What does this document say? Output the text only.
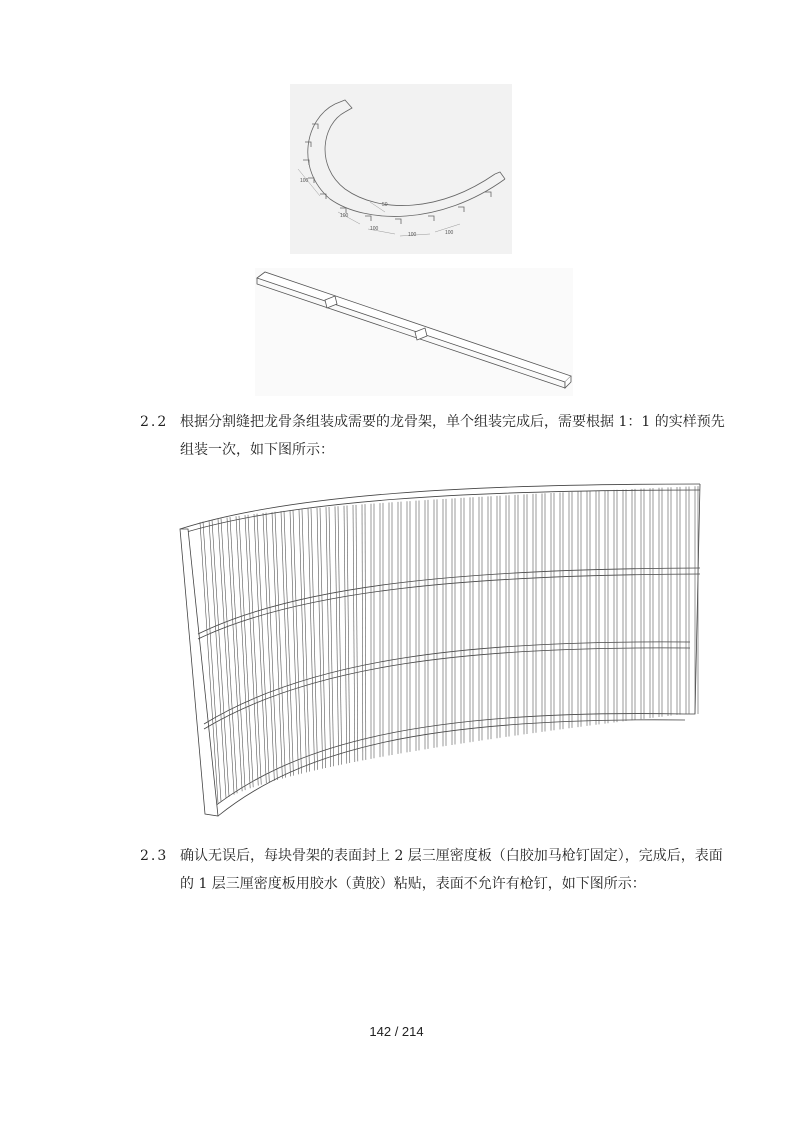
100
50
100
100
100	100
2.2 根据分割缝把龙骨条组装成需要的龙骨架，单个组装完成后，需要根据 1：1 的实样预先
组装一次，如下图所示：
2.3 确认无误后，每块骨架的表面封上 2 层三厘密度板（白胶加马枪钉固定），完成后，表面
的 1 层三厘密度板用胶水（黄胶）粘贴，表面不允许有枪钉，如下图所示：
142 / 214
